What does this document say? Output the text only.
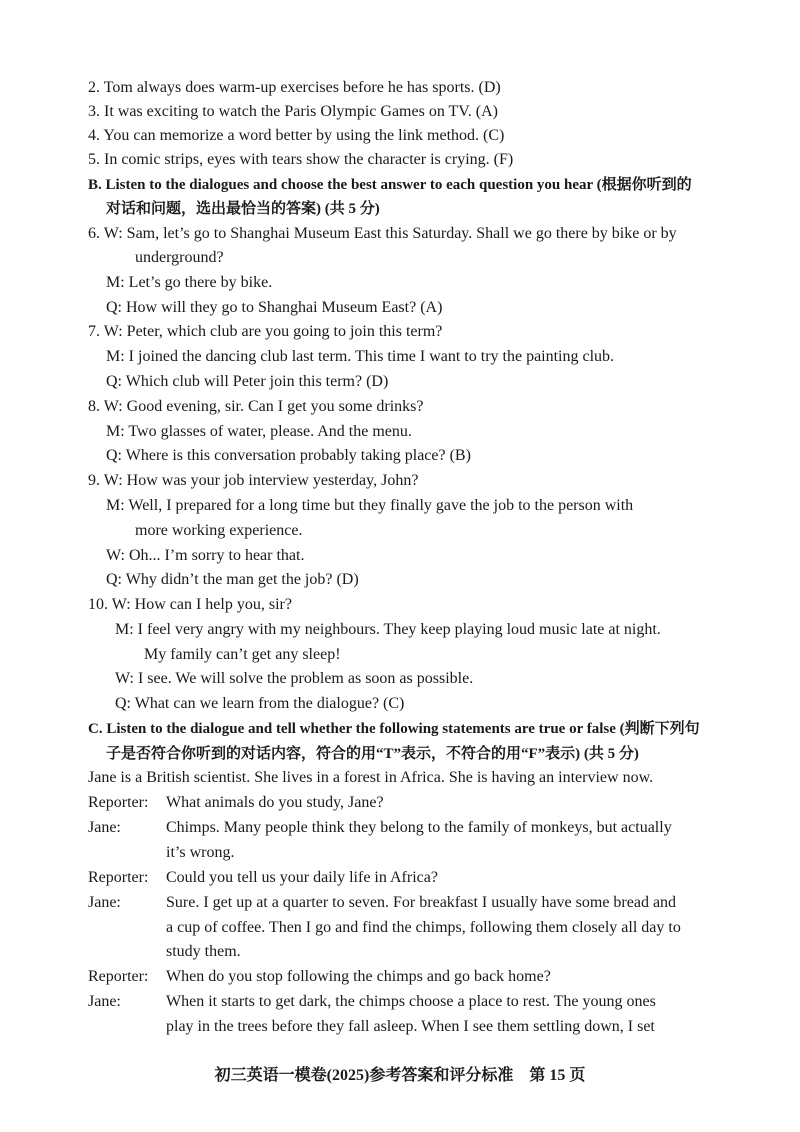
2. Tom always does warm-up exercises before he has sports. (D)
3. It was exciting to watch the Paris Olympic Games on TV. (A)
4. You can memorize a word better by using the link method. (C)
5. In comic strips, eyes with tears show the character is crying. (F)
B. Listen to the dialogues and choose the best answer to each question you hear (根据你听到的
对话和问题，选出最恰当的答案) (共 5 分)
6. W: Sam, let’s go to Shanghai Museum East this Saturday. Shall we go there by bike or by
underground?
M: Let’s go there by bike.
Q: How will they go to Shanghai Museum East? (A)
7. W: Peter, which club are you going to join this term?
M: I joined the dancing club last term. This time I want to try the painting club.
Q: Which club will Peter join this term? (D)
8. W: Good evening, sir. Can I get you some drinks?
M: Two glasses of water, please. And the menu.
Q: Where is this conversation probably taking place? (B)
9. W: How was your job interview yesterday, John?
M: Well, I prepared for a long time but they finally gave the job to the person with
more working experience.
W: Oh... I’m sorry to hear that.
Q: Why didn’t the man get the job? (D)
10. W: How can I help you, sir?
M: I feel very angry with my neighbours. They keep playing loud music late at night.
My family can’t get any sleep!
W: I see. We will solve the problem as soon as possible.
Q: What can we learn from the dialogue? (C)
C. Listen to the dialogue and tell whether the following statements are true or false (判断下列句
子是否符合你听到的对话内容，符合的用“T”表示，不符合的用“F”表示) (共 5 分)
Jane is a British scientist. She lives in a forest in Africa. She is having an interview now.
Reporter: What animals do you study, Jane?
Jane:	Chimps. Many people think they belong to the family of monkeys, but actually
it’s wrong.
Reporter: Could you tell us your daily life in Africa?
Jane:	Sure. I get up at a quarter to seven. For breakfast I usually have some bread and
a cup of coffee. Then I go and find the chimps, following them closely all day to
study them.
Reporter: When do you stop following the chimps and go back home?
Jane:	When it starts to get dark, the chimps choose a place to rest. The young ones
play in the trees before they fall asleep. When I see them settling down, I set
初三英语一模卷(2025)参考答案和评分标准　第 15 页
